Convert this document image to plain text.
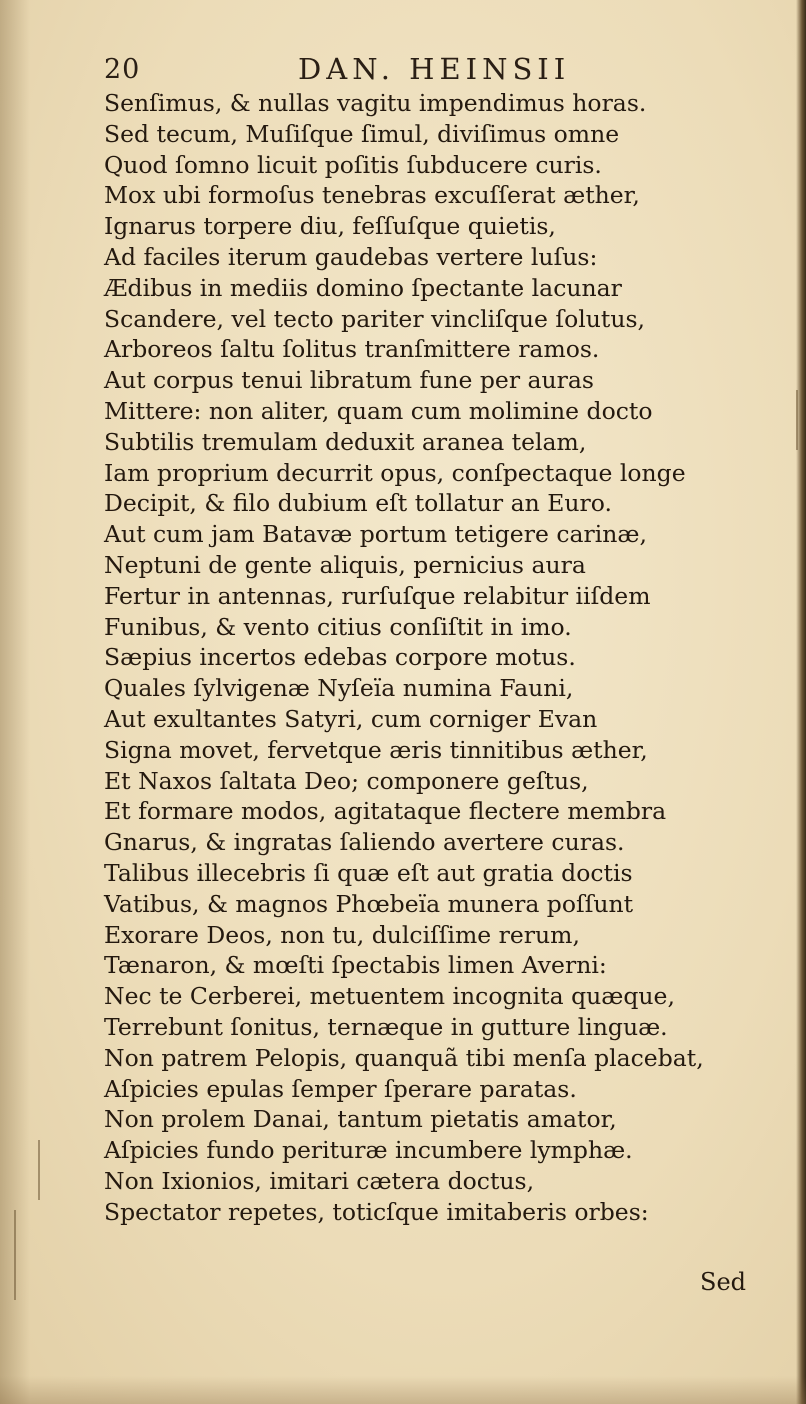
20	DAN. HEINSII
Senſimus, & nullas vagitu impendimus horas.
Sed tecum, Muſiſque ſimul, diviſimus omne
Quod ſomno licuit poſitis ſubducere curis.
Mox ubi formoſus tenebras excuſſerat æther,
Ignarus torpere diu, feſſuſque quietis,
Ad faciles iterum gaudebas vertere luſus:
Ædibus in mediis domino ſpectante lacunar
Scandere, vel tecto pariter vincliſque ſolutus,
Arboreos ſaltu ſolitus tranſmittere ramos.
Aut corpus tenui libratum fune per auras
Mittere: non aliter, quam cum molimine docto
Subtilis tremulam deduxit aranea telam,
Iam proprium decurrit opus, conſpectaque longe
Decipit, & filo dubium eſt tollatur an Euro.
Aut cum jam Batavæ portum tetigere carinæ,
Neptuni de gente aliquis, pernicius aura
Fertur in antennas, rurſuſque relabitur iiſdem
Funibus, & vento citius conſiſtit in imo.
Sæpius incertos edebas corpore motus.
Quales ſylvigenæ Nyſeïa numina Fauni,
Aut exultantes Satyri, cum corniger Evan
Signa movet, fervetque æris tinnitibus æther,
Et Naxos ſaltata Deo; componere geſtus,
Et formare modos, agitataque flectere membra
Gnarus, & ingratas ſaliendo avertere curas.
Talibus illecebris ſi quæ eſt aut gratia doctis
Vatibus, & magnos Phœbeïa munera poſſunt
Exorare Deos, non tu, dulciſſime rerum,
Tænaron, & mœſti ſpectabis limen Averni:
Nec te Cerberei, metuentem incognita quæque,
Terrebunt ſonitus, ternæque in gutture linguæ.
Non patrem Pelopis, quanquã tibi menſa placebat,
Aſpicies epulas ſemper ſperare paratas.
Non prolem Danai, tantum pietatis amator,
Aſpicies fundo perituræ incumbere lymphæ.
Non Ixionios, imitari cætera doctus,
Spectator repetes, toticſque imitaberis orbes:
Sed
